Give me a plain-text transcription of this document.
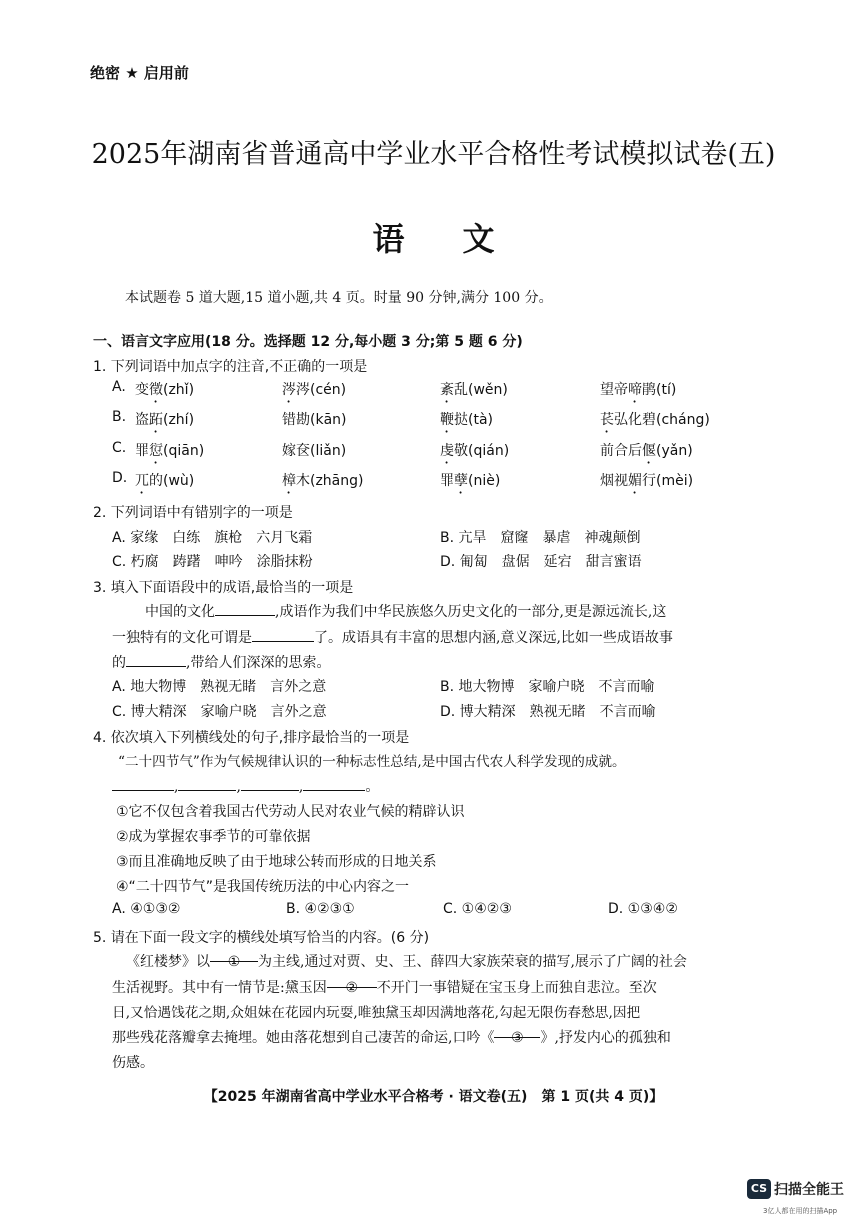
绝密 ★ 启用前
2025年湖南省普通高中学业水平合格性考试模拟试卷(五)
语文
本试题卷 5 道大题,15 道小题,共 4 页。时量 90 分钟,满分 100 分。
一、语言文字应用(18 分。选择题 12 分,每小题 3 分;第 5 题 6 分)
1. 下列词语中加点字的注音,不正确的一项是
A. 变徵(zhǐ)	涔涔(cén)	紊乱(wěn)	望帝啼鹃(tí)
B. 盗跖(zhí)	错勘(kān)	鞭挞(tà)	苌弘化碧(cháng)
C. 罪愆(qiān)	嫁奁(liǎn)	虔敬(qián)	前合后偃(yǎn)
D. 兀的(wù)	樟木(zhāng)	罪孽(niè)	烟视媚行(mèi)
2. 下列词语中有错别字的一项是
A. 家缘　白练　旗枪　六月飞霜	B. 亢旱　窟窿　暴虐　神魂颠倒
C. 朽腐　踌躇　呻吟　涂脂抹粉	D. 匍匐　盘倨　延宕　甜言蜜语
3. 填入下面语段中的成语,最恰当的一项是
中国的文化	,成语作为我们中华民族悠久历史文化的一部分,更是源远流长,这
一独特有的文化可谓是	了。成语具有丰富的思想内涵,意义深远,比如一些成语故事
的	,带给人们深深的思索。
A. 地大物博　熟视无睹　言外之意	B. 地大物博　家喻户晓　不言而喻
C. 博大精深　家喻户晓　言外之意	D. 博大精深　熟视无睹　不言而喻
4. 依次填入下列横线处的句子,排序最恰当的一项是
“二十四节气”作为气候规律认识的一种标志性总结,是中国古代农人科学发现的成就。
,	,	,	。
①它不仅包含着我国古代劳动人民对农业气候的精辟认识
②成为掌握农事季节的可靠依据
③而且准确地反映了由于地球公转而形成的日地关系
④“二十四节气”是我国传统历法的中心内容之一
A. ④①③②	B. ④②③①	C. ①④②③	D. ①③④②
5. 请在下面一段文字的横线处填写恰当的内容。(6 分)
《红楼梦》以 ① 为主线,通过对贾、史、王、薛四大家族荣衰的描写,展示了广阔的社会
生活视野。其中有一情节是:黛玉因 ② 不开门一事错疑在宝玉身上而独自悲泣。至次
日,又恰遇饯花之期,众姐妹在花园内玩耍,唯独黛玉却因满地落花,勾起无限伤春愁思,因把
那些残花落瓣拿去掩埋。她由落花想到自己凄苦的命运,口吟《 ③ 》,抒发内心的孤独和
伤感。
【2025 年湖南省高中学业水平合格考 · 语文卷(五)　第 1 页(共 4 页)】
CS 扫描全能王
3亿人都在用的扫描App
